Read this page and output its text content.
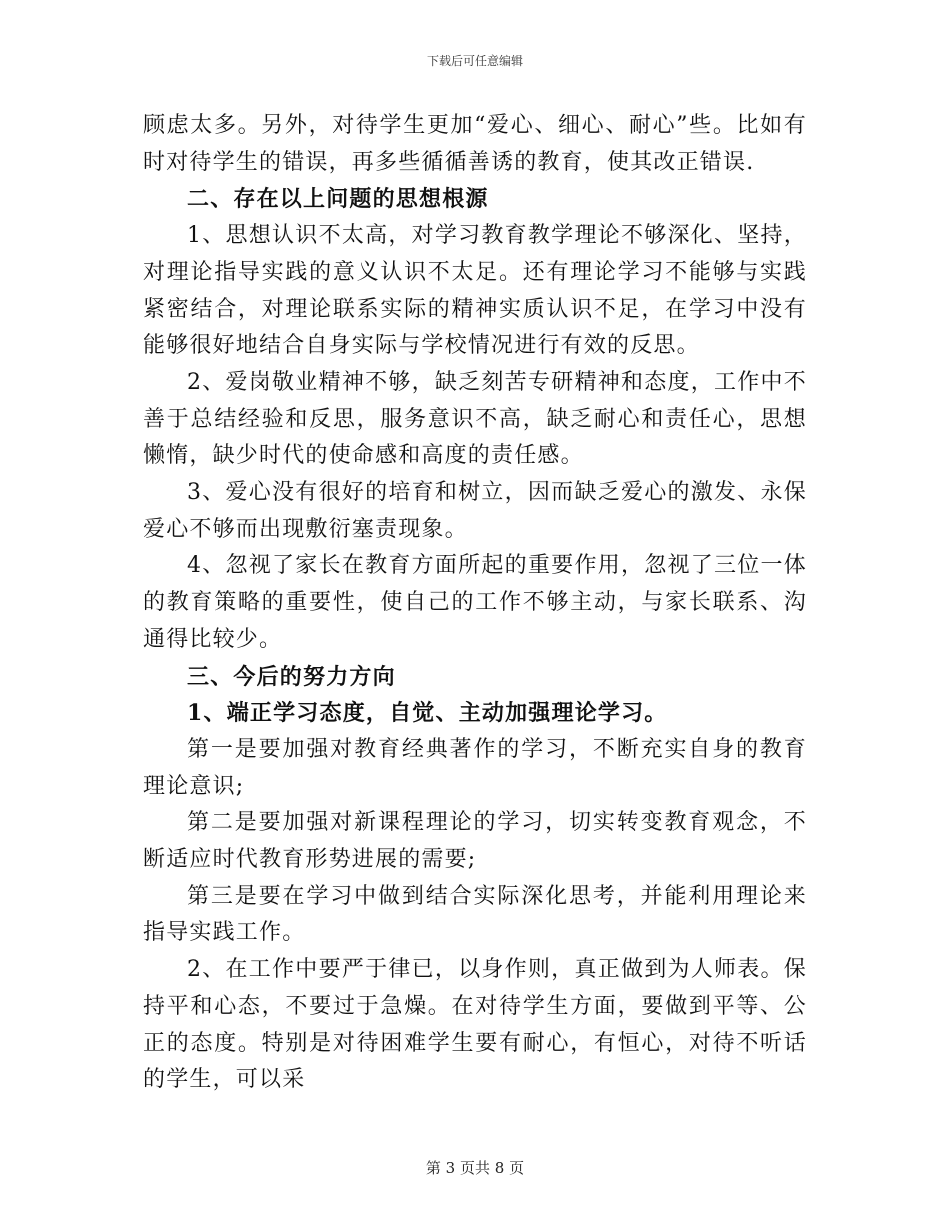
下载后可任意编辑

顾虑太多。另外，对待学生更加“爱心、细心、耐心”些。比如有时对待学生的错误，再多些循循善诱的教育，使其改正错误.

二、存在以上问题的思想根源

1、思想认识不太高，对学习教育教学理论不够深化、坚持，对理论指导实践的意义认识不太足。还有理论学习不能够与实践紧密结合，对理论联系实际的精神实质认识不足，在学习中没有能够很好地结合自身实际与学校情况进行有效的反思。

2、爱岗敬业精神不够，缺乏刻苦专研精神和态度，工作中不善于总结经验和反思，服务意识不高，缺乏耐心和责任心，思想懒惰，缺少时代的使命感和高度的责任感。

3、爱心没有很好的培育和树立，因而缺乏爱心的激发、永保爱心不够而出现敷衍塞责现象。

4、忽视了家长在教育方面所起的重要作用，忽视了三位一体的教育策略的重要性，使自己的工作不够主动，与家长联系、沟通得比较少。

三、今后的努力方向

1、端正学习态度，自觉、主动加强理论学习。

第一是要加强对教育经典著作的学习，不断充实自身的教育理论意识;

第二是要加强对新课程理论的学习，切实转变教育观念，不断适应时代教育形势进展的需要;

第三是要在学习中做到结合实际深化思考，并能利用理论来指导实践工作。

2、在工作中要严于律已，以身作则，真正做到为人师表。保持平和心态，不要过于急燥。在对待学生方面，要做到平等、公正的态度。特别是对待困难学生要有耐心，有恒心，对待不听话的学生，可以采

第 3 页共 8 页
